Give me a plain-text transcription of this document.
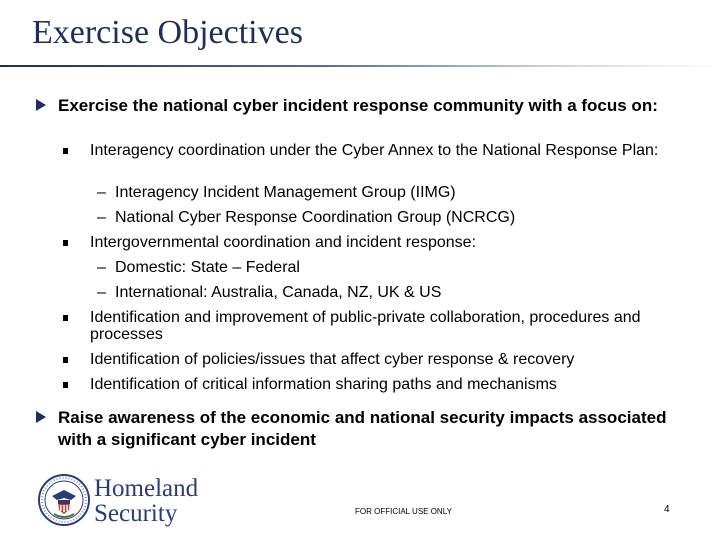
Exercise Objectives
Exercise the national cyber incident response community with a focus on:
Interagency coordination under the Cyber Annex to the National Response Plan:
– Interagency Incident Management Group (IIMG)
– National Cyber Response Coordination Group (NCRCG)
Intergovernmental coordination and incident response:
– Domestic: State – Federal
– International: Australia, Canada, NZ, UK & US
Identification and improvement of public-private collaboration, procedures and processes
Identification of policies/issues that affect cyber response & recovery
Identification of critical information sharing paths and mechanisms
Raise awareness of the economic and national security impacts associated with a significant cyber incident
Homeland
Security	FOR OFFICIAL USE ONLY	4
